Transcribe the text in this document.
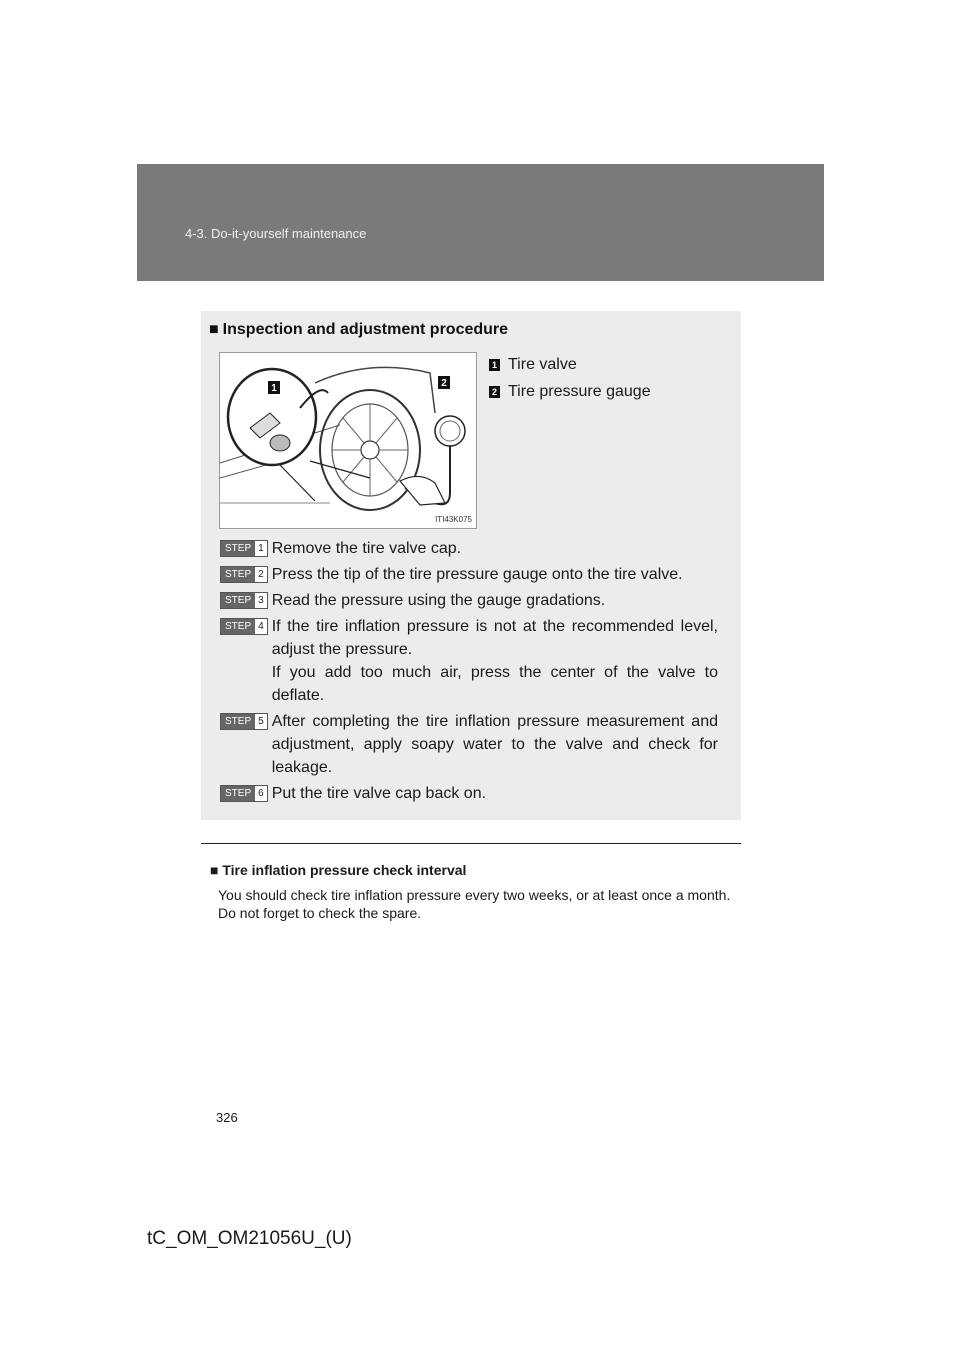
4-3. Do-it-yourself maintenance
■ Inspection and adjustment procedure
1	2
ITI43K075
1 Tire valve
2 Tire pressure gauge
STEP 1 Remove the tire valve cap.

STEP 2 Press the tip of the tire pressure gauge onto the tire valve.

STEP 3 Read the pressure using the gauge gradations.

STEP 4 If the tire inflation pressure is not at the recommended level, adjust the pressure.

If you add too much air, press the center of the valve to deflate.

STEP 5 After completing the tire inflation pressure measurement and adjustment, apply soapy water to the valve and check for leakage.

STEP 6 Put the tire valve cap back on.

■ Tire inflation pressure check interval

You should check tire inflation pressure every two weeks, or at least once a month.

Do not forget to check the spare.

326
tC_OM_OM21056U_(U)
